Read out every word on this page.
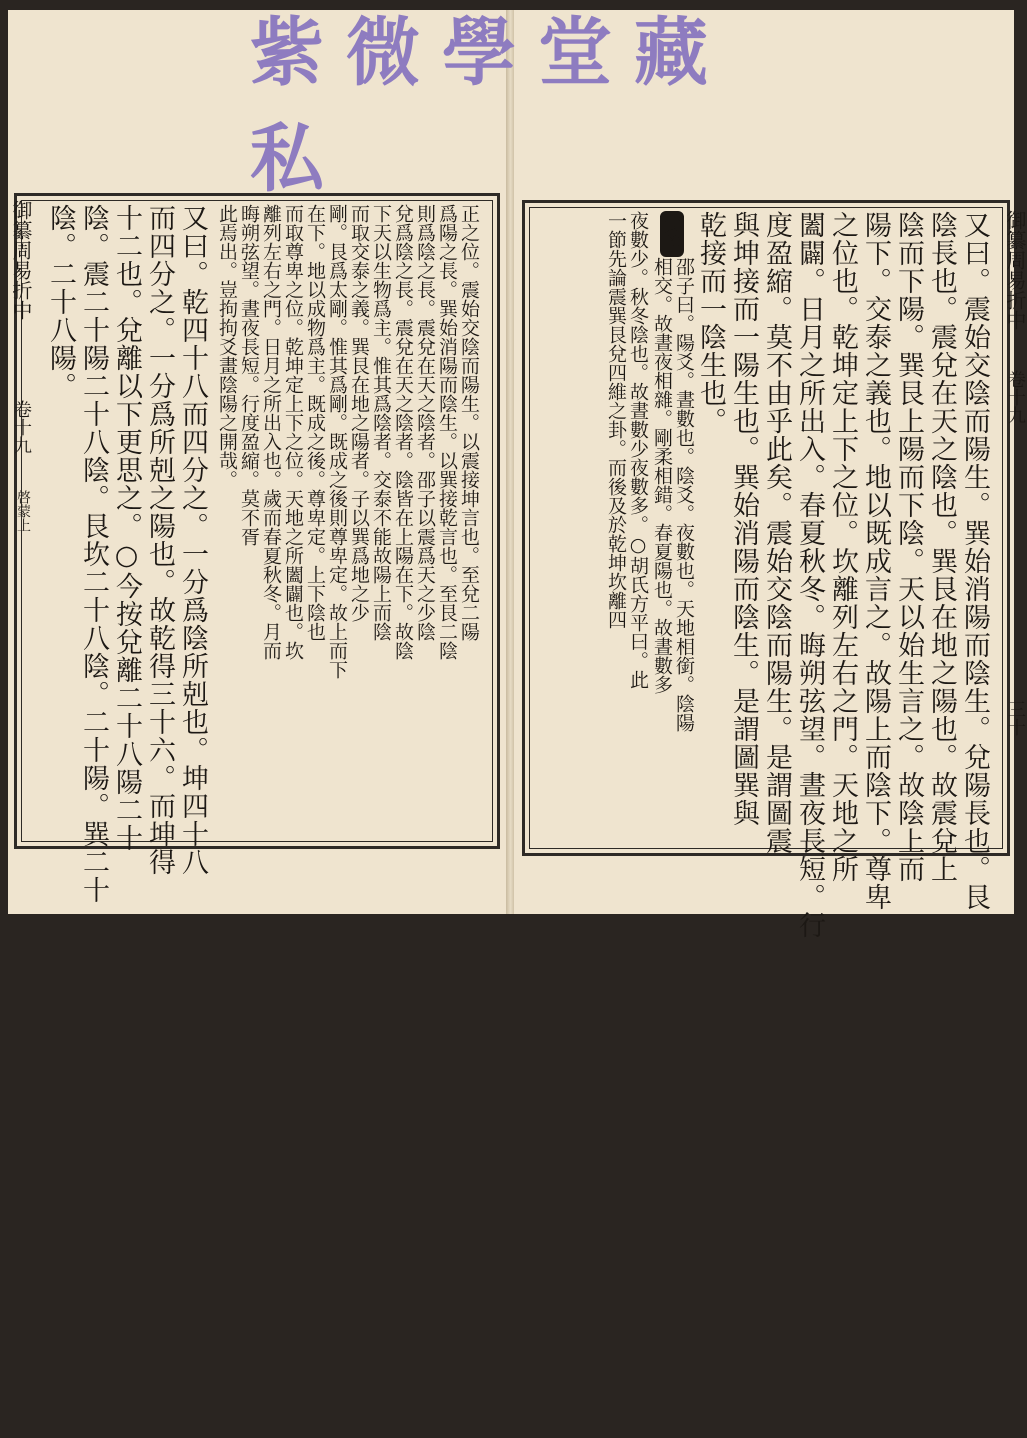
正之位。震始交陰而陽生。以震接坤言也。至兌二陽
爲陽之長。巽始消陽而陰生。以巽接乾言也。至艮二陰
則爲陰之長。震兌在天之陰者。邵子以震爲天之少陰
兌爲陰之長。震兌在天之陰者。陰皆在上陽在下。故陰
下天以生物爲主。惟其爲陰者。交泰不能故陽上而陰
而取交泰之義。巽艮在地之陽者。子以巽爲地之少
剛。艮爲太剛。惟其爲剛。既成之後則尊卑定。故上而下
在下。地以成物爲主。既成之後。尊卑定。上下陰也
而取尊卑之位。乾坤定上下之位。天地之所闔闢也。坎
離列左右之門。日月之所出入也。歲而春夏秋冬。月而
晦朔弦望。晝夜長短。行度盈縮。莫不胥
此焉出。豈拘拘爻畫陰陽之開哉。
又曰。乾四十八而四分之。一分爲陰所剋也。坤四十八
而四分之。一分爲所剋之陽也。故乾得三十六。而坤得
十二也。兌離以下更思之。○今按兌離二十八陽二十
陰。震二十陽二十八陰。艮坎二十八陰。二十陽。巽二十
陰。二十八陽。	又曰。震始交陰而陽生。巽始消陽而陰生。兌陽長也。艮
陰長也。震兌在天之陰也。巽艮在地之陽也。故震兌上
陰而下陽。巽艮上陽而下陰。天以始生言之。故陰上而
陽下。交泰之義也。地以既成言之。故陽上而陰下。尊卑
之位也。乾坤定上下之位。坎離列左右之門。天地之所
闔闢。日月之所出入。春夏秋冬。晦朔弦望。晝夜長短。行
度盈縮。莫不由乎此矣。震始交陰而陽生。是謂圖震
與坤接而一陽生也。巽始消陽而陰生。是謂圖巽與
乾接而一陰生也。
集說
邵子曰。陽爻。晝數也。陰爻。夜數也。天地相銜。陰陽
相交。故晝夜相雜。剛柔相錯。春夏陽也。故晝數多
夜數少。秋冬陰也。故晝數少夜數多。○胡氏方平曰。此
一節先論震巽艮兌四維之卦。而後及於乾坤坎離四	御纂周易折中
卷十九
三十
御纂周易折中
卷十九
啓蒙上
紫微學堂藏私
